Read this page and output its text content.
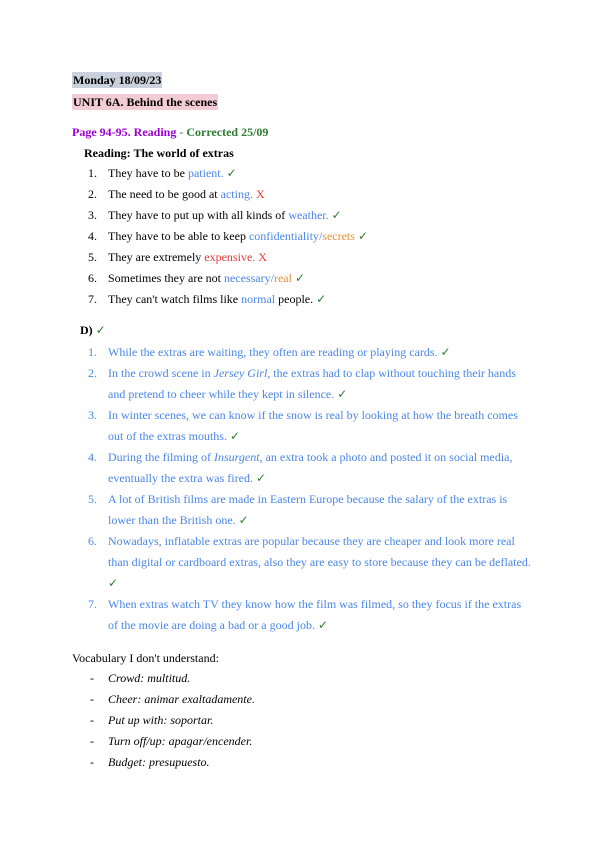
Monday 18/09/23
UNIT 6A. Behind the scenes
Page 94-95. Reading - Corrected 25/09
Reading: The world of extras
1. They have to be patient. ✓
2. The need to be good at acting. X
3. They have to put up with all kinds of weather. ✓
4. They have to be able to keep confidentiality/secrets ✓
5. They are extremely expensive. X
6. Sometimes they are not necessary/real ✓
7. They can't watch films like normal people. ✓
D) ✓
1. While the extras are waiting, they often are reading or playing cards. ✓
2. In the crowd scene in Jersey Girl, the extras had to clap without touching their hands and pretend to cheer while they kept in silence. ✓
3. In winter scenes, we can know if the snow is real by looking at how the breath comes out of the extras mouths. ✓
4. During the filming of Insurgent, an extra took a photo and posted it on social media, eventually the extra was fired. ✓
5. A lot of British films are made in Eastern Europe because the salary of the extras is lower than the British one. ✓
6. Nowadays, inflatable extras are popular because they are cheaper and look more real than digital or cardboard extras, also they are easy to store because they can be deflated. ✓
7. When extras watch TV they know how the film was filmed, so they focus if the extras of the movie are doing a bad or a good job. ✓
Vocabulary I don't understand:
- Crowd: multitud.
- Cheer: animar exaltadamente.
- Put up with: soportar.
- Turn off/up: apagar/encender.
- Budget: presupuesto.
